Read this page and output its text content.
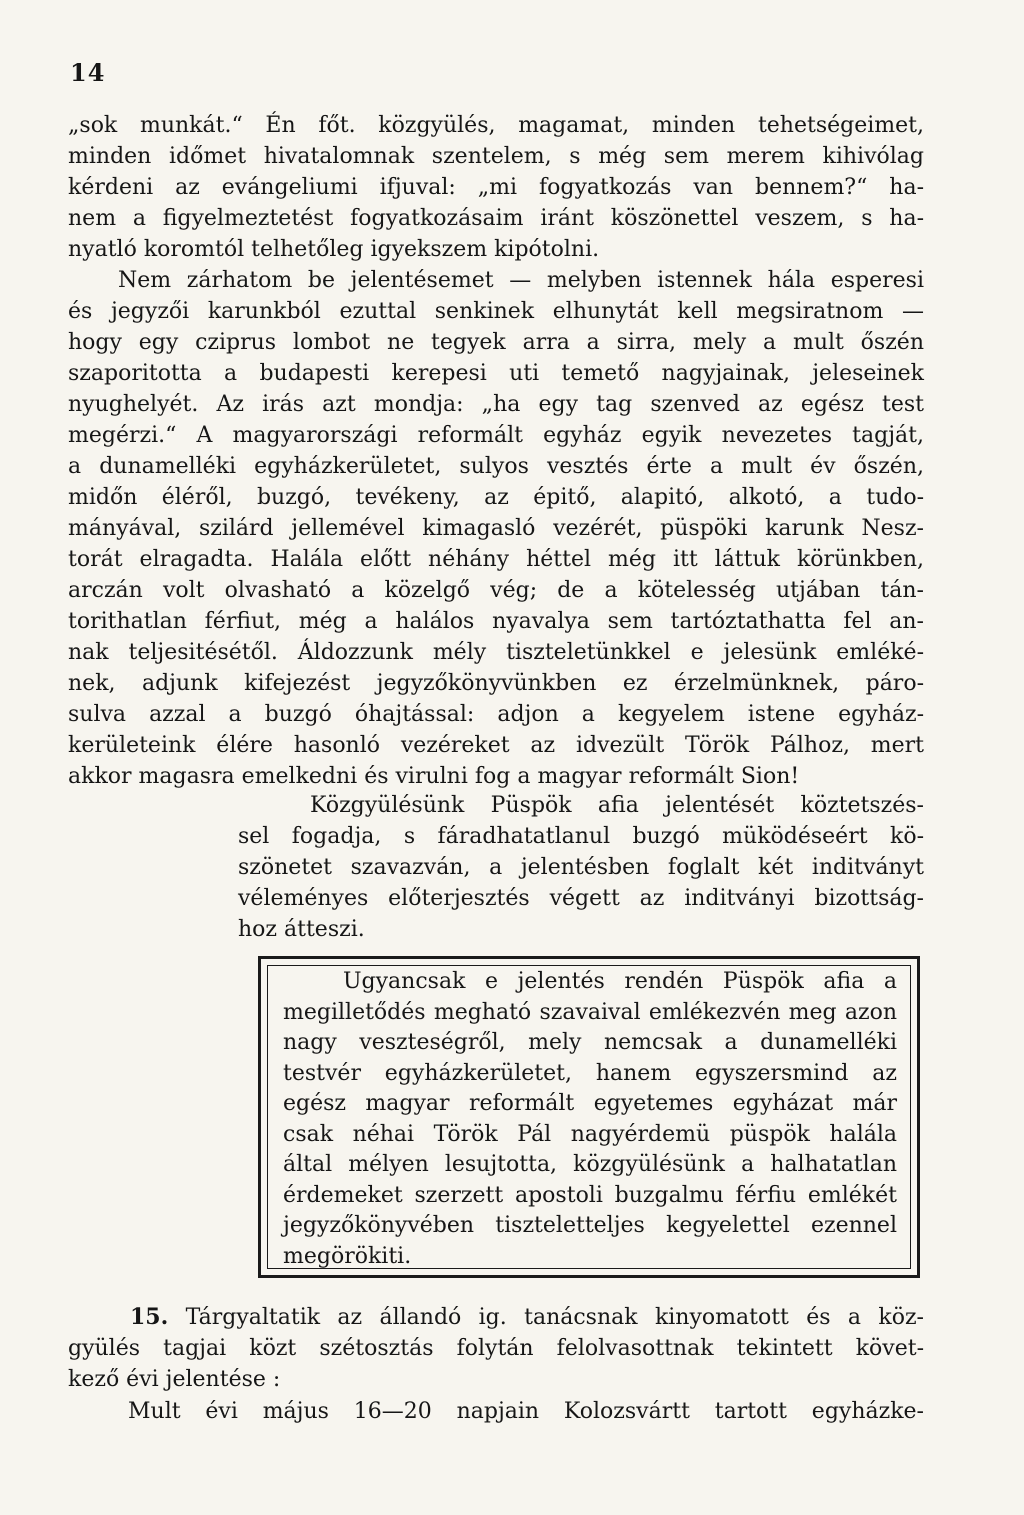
14
„sok munkát.“ Én főt. közgyülés, magamat, minden tehetségeimet,
minden időmet hivatalomnak szentelem, s még sem merem kihivólag
kérdeni az evángeliumi ifjuval: „mi fogyatkozás van bennem?“ ha-
nem a figyelmeztetést fogyatkozásaim iránt köszönettel veszem, s ha-
nyatló koromtól telhetőleg igyekszem kipótolni.
Nem zárhatom be jelentésemet — melyben istennek hála esperesi
és jegyzői karunkból ezuttal senkinek elhunytát kell megsiratnom —
hogy egy cziprus lombot ne tegyek arra a sirra, mely a mult őszén
szaporitotta a budapesti kerepesi uti temető nagyjainak, jeleseinek
nyughelyét. Az irás azt mondja: „ha egy tag szenved az egész test
megérzi.“ A magyarországi reformált egyház egyik nevezetes tagját,
a dunamelléki egyházkerületet, sulyos vesztés érte a mult év őszén,
midőn éléről, buzgó, tevékeny, az épitő, alapitó, alkotó, a tudo-
mányával, szilárd jellemével kimagasló vezérét, püspöki karunk Nesz-
torát elragadta. Halála előtt néhány héttel még itt láttuk körünkben,
arczán volt olvasható a közelgő vég; de a kötelesség utjában tán-
torithatlan férfiut, még a halálos nyavalya sem tartóztathatta fel an-
nak teljesitésétől. Áldozzunk mély tiszteletünkkel e jelesünk emléké-
nek, adjunk kifejezést jegyzőkönyvünkben ez érzelmünknek, páro-
sulva azzal a buzgó óhajtással: adjon a kegyelem istene egyház-
kerületeink élére hasonló vezéreket az idvezült Török Pálhoz, mert
akkor magasra emelkedni és virulni fog a magyar reformált Sion!
Közgyülésünk Püspök afia jelentését köztetszés-
sel fogadja, s fáradhatatlanul buzgó müködéseért kö-
szönetet szavazván, a jelentésben foglalt két inditványt
véleményes előterjesztés végett az inditványi bizottság-
hoz átteszi.
Ugyancsak e jelentés rendén Püspök afia a
megilletődés megható szavaival emlékezvén meg azon
nagy veszteségről, mely nemcsak a dunamelléki
testvér egyházkerületet, hanem egyszersmind az
egész magyar reformált egyetemes egyházat már
csak néhai Török Pál nagyérdemü püspök halála
által mélyen lesujtotta, közgyülésünk a halhatatlan
érdemeket szerzett apostoli buzgalmu férfiu emlékét
jegyzőkönyvében tiszteletteljes kegyelettel ezennel
megörökiti.
15. Tárgyaltatik az állandó ig. tanácsnak kinyomatott és a köz-
gyülés tagjai közt szétosztás folytán felolvasottnak tekintett követ-
kező évi jelentése :
Mult évi május 16—20 napjain Kolozsvártt tartott egyházke-
